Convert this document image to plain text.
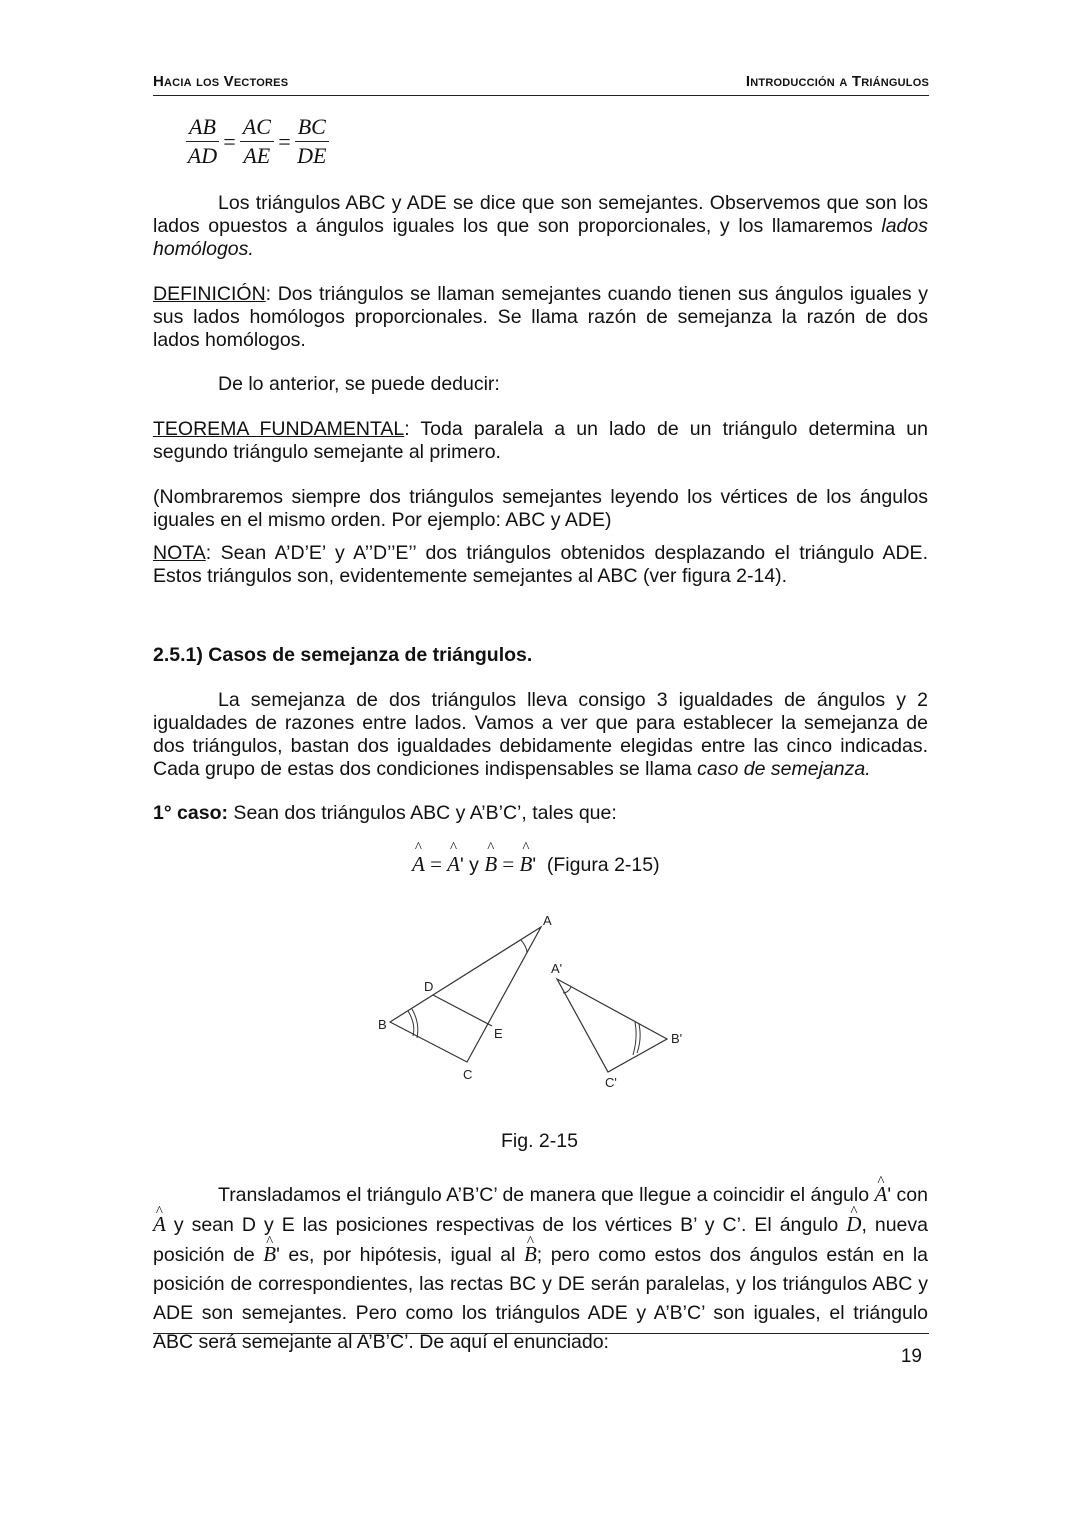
Hacia los Vectores	Introducción a Triángulos
$\frac{AB}{AD} = \frac{AC}{AE} = \frac{BC}{DE}$
Los triángulos ABC y ADE se dice que son semejantes. Observemos que son los lados opuestos a ángulos iguales los que son proporcionales, y los llamaremos lados homólogos.
DEFINICIÓN: Dos triángulos se llaman semejantes cuando tienen sus ángulos iguales y sus lados homólogos proporcionales. Se llama razón de semejanza la razón de dos lados homólogos.
De lo anterior, se puede deducir:
TEOREMA FUNDAMENTAL: Toda paralela a un lado de un triángulo determina un segundo triángulo semejante al primero.
(Nombraremos siempre dos triángulos semejantes leyendo los vértices de los ángulos iguales en el mismo orden. Por ejemplo: ABC y ADE)
NOTA: Sean A’D’E’ y A’’D’’E’’ dos triángulos obtenidos desplazando el triángulo ADE. Estos triángulos son, evidentemente semejantes al ABC (ver figura 2-14).
2.5.1) Casos de semejanza de triángulos.
La semejanza de dos triángulos lleva consigo 3 igualdades de ángulos y 2 igualdades de razones entre lados. Vamos a ver que para establecer la semejanza de dos triángulos, bastan dos igualdades debidamente elegidas entre las cinco indicadas. Cada grupo de estas dos condiciones indispensables se llama caso de semejanza.
1° caso: Sean dos triángulos ABC y A’B’C’, tales que:
^ A = ^ A' y ^ B = ^ B' (Figura 2-15)
A
B
C
D
E
A'
B'
C'
Fig. 2-15
Transladamos el triángulo A’B’C’ de manera que llegue a coincidir el ángulo ^ A' con ^ A y sean D y E las posiciones respectivas de los vértices B’ y C’. El ángulo ^ D, nueva posición de ^ B' es, por hipótesis, igual al ^ B; pero como estos dos ángulos están en la posición de correspondientes, las rectas BC y DE serán paralelas, y los triángulos ABC y ADE son semejantes. Pero como los triángulos ADE y A’B’C’ son iguales, el triángulo ABC será semejante al A’B’C’. De aquí el enunciado:
19
